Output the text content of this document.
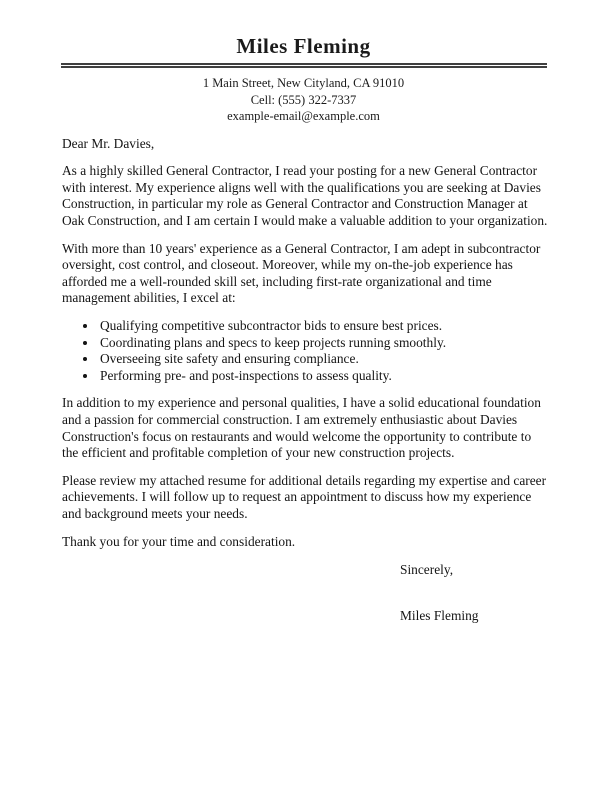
Miles Fleming
1 Main Street, New Cityland, CA 91010
Cell: (555) 322-7337
example-email@example.com

Dear Mr. Davies,

As a highly skilled General Contractor, I read your posting for a new General Contractor with interest. My experience aligns well with the qualifications you are seeking at Davies Construction, in particular my role as General Contractor and Construction Manager at Oak Construction, and I am certain I would make a valuable addition to your organization.

With more than 10 years' experience as a General Contractor, I am adept in subcontractor oversight, cost control, and closeout. Moreover, while my on-the-job experience has afforded me a well-rounded skill set, including first-rate organizational and time management abilities, I excel at:

• Qualifying competitive subcontractor bids to ensure best prices.
• Coordinating plans and specs to keep projects running smoothly.
• Overseeing site safety and ensuring compliance.
• Performing pre- and post-inspections to assess quality.

In addition to my experience and personal qualities, I have a solid educational foundation and a passion for commercial construction. I am extremely enthusiastic about Davies Construction's focus on restaurants and would welcome the opportunity to contribute to the efficient and profitable completion of your new construction projects.

Please review my attached resume for additional details regarding my expertise and career achievements. I will follow up to request an appointment to discuss how my experience and background meets your needs.

Thank you for your time and consideration.

Sincerely,

Miles Fleming
